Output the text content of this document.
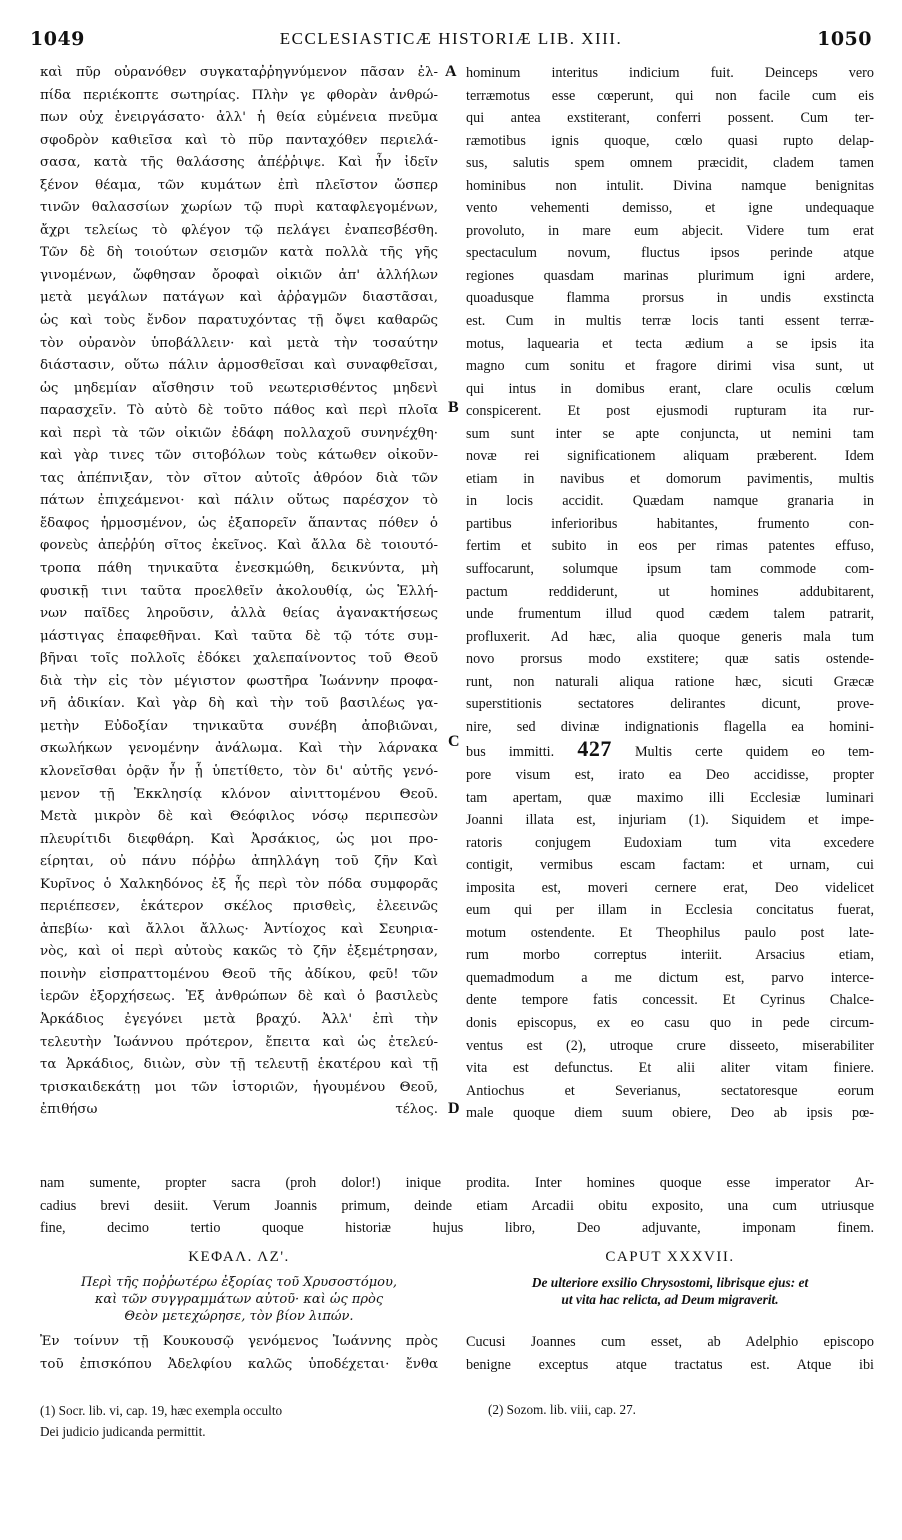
1049	ECCLESIASTICÆ HISTORIÆ LIB. XIII.	1050
καὶ πῦρ οὐρανόθεν συγκαταῤῥηγνύμενον πᾶσαν ἐλ-
πίδα περιέκοπτε σωτηρίας. Πλὴν γε φθορὰν ἀνθρώ-
πων οὐχ ἐνειργάσατο· ἀλλ' ἡ θεία εὐμένεια πνεῦμα
σφοδρὸν καθιεῖσα καὶ τὸ πῦρ πανταχόθεν περιελά-
σασα, κατὰ τῆς θαλάσσης ἀπέῤῥιψε. Καὶ ἦν ἰδεῖν
ξένον θέαμα, τῶν κυμάτων ἐπὶ πλεῖστον ὥσπερ
τινῶν θαλασσίων χωρίων τῷ πυρὶ καταφλεγομένων,
ἄχρι τελείως τὸ φλέγον τῷ πελάγει ἐναπεσβέσθη.
Τῶν δὲ δὴ τοιούτων σεισμῶν κατὰ πολλὰ τῆς γῆς
γινομένων, ὤφθησαν ὄροφαὶ οἰκιῶν ἀπ' ἀλλήλων
μετὰ μεγάλων πατάγων καὶ ἀῤῥαγμῶν διαστᾶσαι,
ὡς καὶ τοὺς ἔνδον παρατυχόντας τῇ ὄψει καθαρῶς
τὸν οὐρανὸν ὑποβάλλειν· καὶ μετὰ τὴν τοσαύτην
διάστασιν, οὕτω πάλιν ἁρμοσθεῖσαι καὶ συναφθεῖσαι,
ὡς μηδεμίαν αἴσθησιν τοῦ νεωτερισθέντος μηδενὶ
παρασχεῖν. Τὸ αὐτὸ δὲ τοῦτο πάθος καὶ περὶ πλοῖα
καὶ περὶ τὰ τῶν οἰκιῶν ἐδάφη πολλαχοῦ συνηνέχθη·
καὶ γὰρ τινες τῶν σιτοβόλων τοὺς κάτωθεν οἰκοῦν-
τας ἀπέπνιξαν, τὸν σῖτον αὐτοῖς ἀθρόον διὰ τῶν
πάτων ἐπιχεάμενοι· καὶ πάλιν οὕτως παρέσχον τὸ
ἔδαφος ἡρμοσμένον, ὡς ἐξαπορεῖν ἅπαντας πόθεν ὁ
φονεὺς ἀπεῤῥύη σῖτος ἐκεῖνος. Καὶ ἄλλα δὲ τοιουτό-
τροπα πάθη τηνικαῦτα ἐνεσκμώθη, δεικνύντα, μὴ
φυσικῇ τινι ταῦτα προελθεῖν ἀκολουθίᾳ, ὡς Ἑλλή-
νων παῖδες ληροῦσιν, ἀλλὰ θείας ἀγανακτήσεως
μάστιγας ἐπαφεθῆναι. Καὶ ταῦτα δὲ τῷ τότε συμ-
βῆναι τοῖς πολλοῖς ἐδόκει χαλεπαίνοντος τοῦ Θεοῦ
διὰ τὴν εἰς τὸν μέγιστον φωστῆρα Ἰωάννην προφα-
νῆ ἀδικίαν. Καὶ γὰρ δὴ καὶ τὴν τοῦ βασιλέως γα-
μετὴν Εὐδοξίαν τηνικαῦτα συνέβη ἀποβιῶναι,
σκωλήκων γενομένην ἀνάλωμα. Καὶ τὴν λάρνακα
κλονεῖσθαι ὁρᾷν ἦν ᾗ ὑπετίθετο, τὸν δι' αὐτῆς γενό-
μενον τῇ Ἐκκλησίᾳ κλόνον αἰνιττομένου Θεοῦ.
Μετὰ μικρὸν δὲ καὶ Θεόφιλος νόσῳ περιπεσὼν
πλευρίτιδι διεφθάρη. Καὶ Ἀρσάκιος, ὡς μοι προ-
είρηται, οὐ πάνυ πόῤῥω ἀπηλλάγη τοῦ ζῆν Καὶ
Κυρῖνος ὁ Χαλκηδόνος ἐξ ἧς περὶ τὸν πόδα συμφορᾶς
περιέπεσεν, ἑκάτερον σκέλος πρισθεὶς, ἐλεεινῶς
ἀπεβίω· καὶ ἄλλοι ἄλλως· Ἀντίοχος καὶ Σευηρια-
νὸς, καὶ οἱ περὶ αὐτοὺς κακῶς τὸ ζῆν ἐξεμέτρησαν,
ποινὴν εἰσπραττομένου Θεοῦ τῆς ἀδίκου, φεῦ! τῶν
ἱερῶν ἐξορχήσεως. Ἐξ ἀνθρώπων δὲ καὶ ὁ βασιλεὺς
Ἀρκάδιος ἐγεγόνει μετὰ βραχύ. Ἀλλ' ἐπὶ τὴν
τελευτὴν Ἰωάννου πρότερον, ἔπειτα καὶ ὡς ἐτελεύ-
τα Ἀρκάδιος, διιὼν, σὺν τῇ τελευτῇ ἑκατέρου καὶ τῇ
τρισκαιδεκάτῃ μοι τῶν ἱστοριῶν, ἡγουμένου Θεοῦ,
ἐπιθήσω τέλος.
A
B
C
D
hominum interitus indicium fuit. Deinceps vero
terræmotus esse cœperunt, qui non facile cum eis
qui antea exstiterant, conferri possent. Cum ter-
ræmotibus ignis quoque, cœlo quasi rupto delap-
sus, salutis spem omnem præcidit, cladem tamen
hominibus non intulit. Divina namque benignitas
vento vehementi demisso, et igne undequaque
provoluto, in mare eum abjecit. Videre tum erat
spectaculum novum, fluctus ipsos perinde atque
regiones quasdam marinas plurimum igni ardere,
quoadusque flamma prorsus in undis exstincta
est. Cum in multis terræ locis tanti essent terræ-
motus, laquearia et tecta ædium a se ipsis ita
magno cum sonitu et fragore dirimi visa sunt, ut
qui intus in domibus erant, clare oculis cœlum
conspicerent. Et post ejusmodi rupturam ita rur-
sum sunt inter se apte conjuncta, ut nemini tam
novæ rei significationem aliquam præberent. Idem
etiam in navibus et domorum pavimentis, multis
in locis accidit. Quædam namque granaria in
partibus inferioribus habitantes, frumento con-
fertim et subito in eos per rimas patentes effuso,
suffocarunt, solumque ipsum tam commode com-
pactum reddiderunt, ut homines addubitarent,
unde frumentum illud quod cædem talem patrarit,
profluxerit. Ad hæc, alia quoque generis mala tum
novo prorsus modo exstitere; quæ satis ostende-
runt, non naturali aliqua ratione hæc, sicuti Græcæ
superstitionis sectatores delirantes dicunt, prove-
nire, sed divinæ indignationis flagella ea homini-
bus immitti. 427 Multis certe quidem eo tem-
pore visum est, irato ea Deo accidisse, propter
tam apertam, quæ maximo illi Ecclesiæ luminari
Joanni illata est, injuriam (1). Siquidem et impe-
ratoris conjugem Eudoxiam tum vita excedere
contigit, vermibus escam factam: et urnam, cui
imposita est, moveri cernere erat, Deo videlicet
eum qui per illam in Ecclesia concitatus fuerat,
motum ostendente. Et Theophilus paulo post late-
rum morbo correptus interiit. Arsacius etiam,
quemadmodum a me dictum est, parvo interce-
dente tempore fatis concessit. Et Cyrinus Chalce-
donis episcopus, ex eo casu quo in pede circum-
ventus est (2), utroque crure disseeto, miserabiliter
vita est defunctus. Et alii aliter vitam finiere.
Antiochus et Severianus, sectatoresque eorum
male quoque diem suum obiere, Deo ab ipsis pœ-
nam sumente, propter sacra (proh dolor!) inique prodita. Inter homines quoque esse imperator Ar-
cadius brevi desiit. Verum Joannis primum, deinde etiam Arcadii obitu exposito, una cum utriusque
fine, decimo tertio quoque historiæ hujus libro, Deo adjuvante, imponam finem.
ΚΕΦΑΛ. ΛΖ'.	CAPUT XXXVII.
Περὶ τῆς ποῤῥωτέρω ἐξορίας τοῦ Χρυσοστόμου,
καὶ τῶν συγγραμμάτων αὐτοῦ· καὶ ὡς πρὸς
Θεὸν μετεχώρησε, τὸν βίον λιπών.
De ulteriore exsilio Chrysostomi, librisque ejus: et
ut vita hac relicta, ad Deum migraverit.
Ἐν τοίνυν τῇ Κουκουσῷ γενόμενος Ἰωάννης πρὸς
τοῦ ἐπισκόπου Ἀδελφίου καλῶς ὑποδέχεται· ἔνθα
Cucusi Joannes cum esset, ab Adelphio episcopo
benigne exceptus atque tractatus est. Atque ibi
(1) Socr. lib. vi, cap. 19, hæc exempla occulto
Dei judicio judicanda permittit.
(2) Sozom. lib. viii, cap. 27.
